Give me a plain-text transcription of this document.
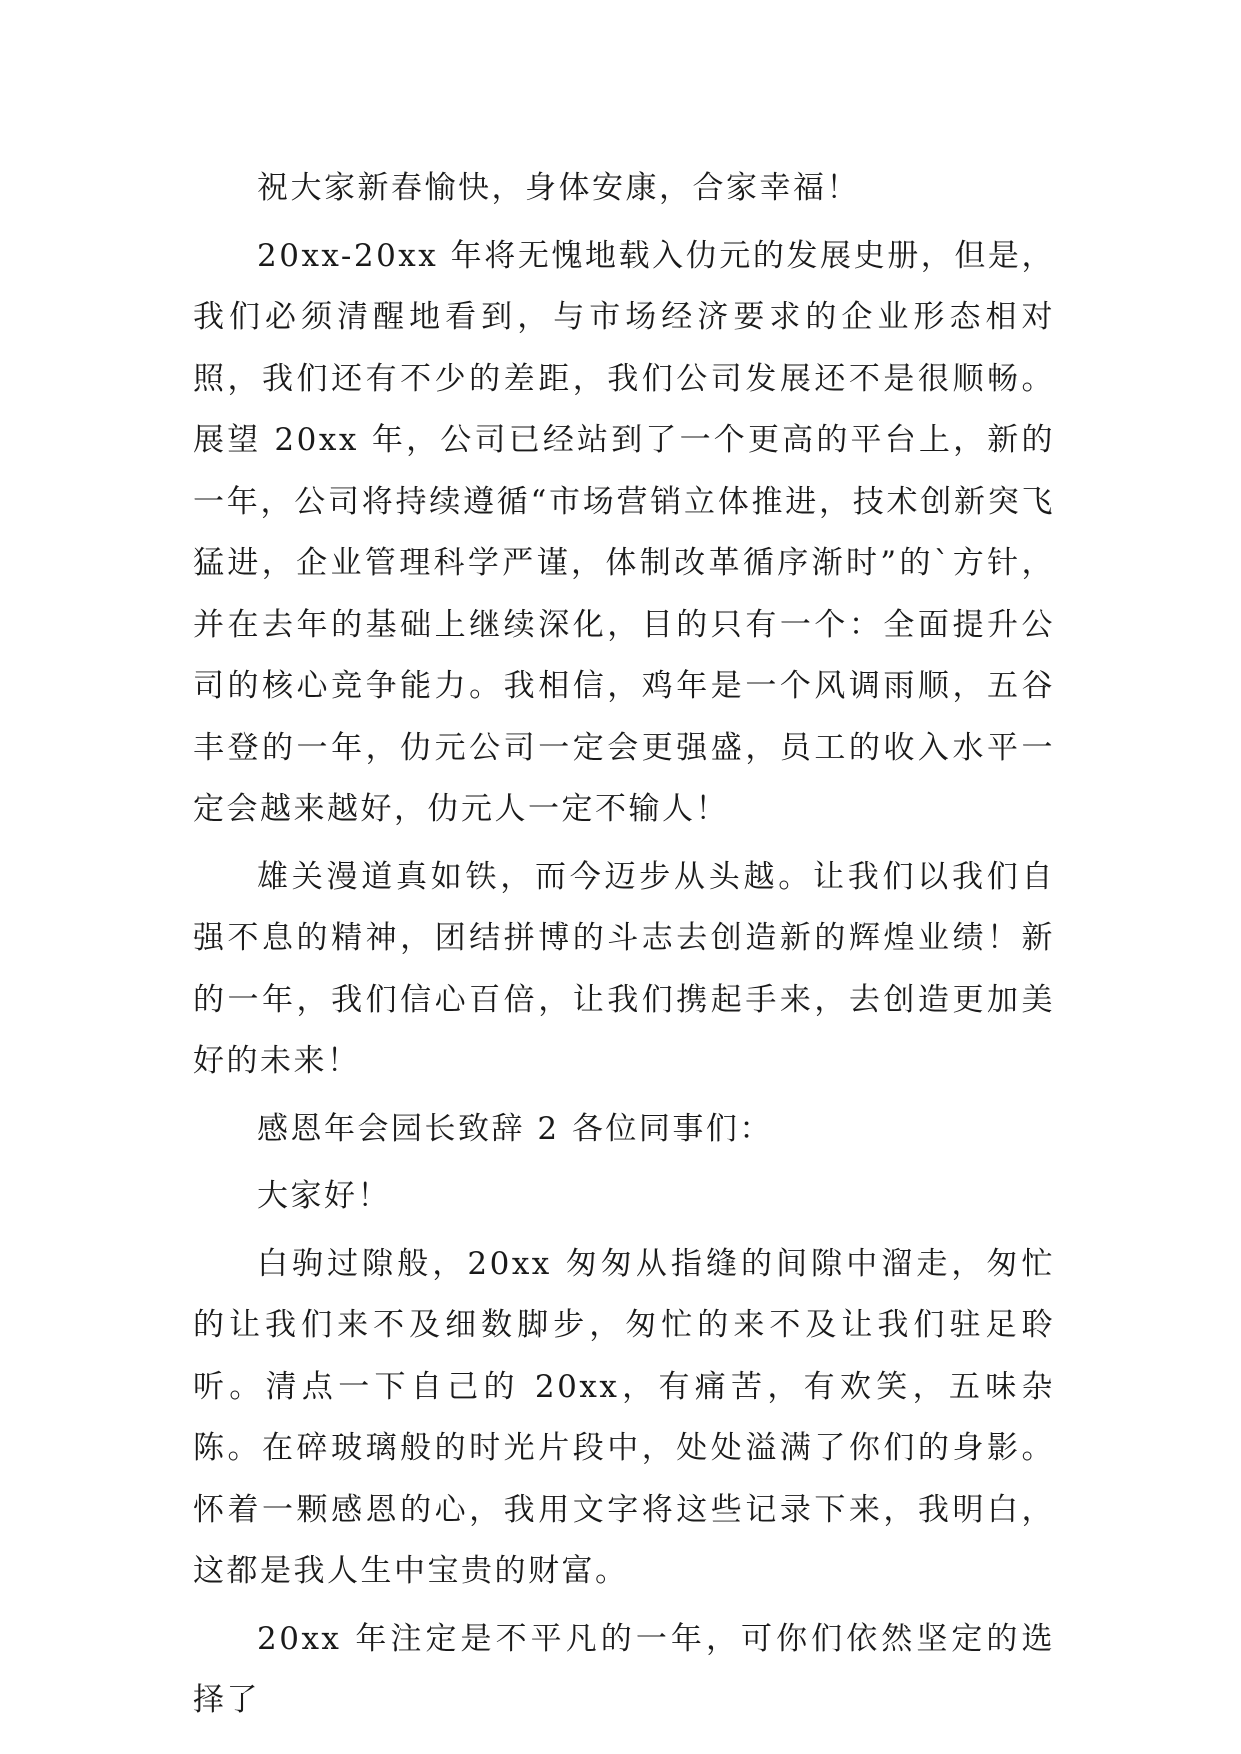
祝大家新春愉快，身体安康，合家幸福！

20xx-20xx 年将无愧地载入仂元的发展史册，但是，我们必须清醒地看到，与市场经济要求的企业形态相对照，我们还有不少的差距，我们公司发展还不是很顺畅。展望 20xx 年，公司已经站到了一个更高的平台上，新的一年，公司将持续遵循“市场营销立体推进，技术创新突飞猛进，企业管理科学严谨，体制改革循序渐时”的`方针，并在去年的基础上继续深化，目的只有一个：全面提升公司的核心竞争能力。我相信，鸡年是一个风调雨顺，五谷丰登的一年，仂元公司一定会更强盛，员工的收入水平一定会越来越好，仂元人一定不输人！

雄关漫道真如铁，而今迈步从头越。让我们以我们自强不息的精神，团结拼博的斗志去创造新的辉煌业绩！新的一年，我们信心百倍，让我们携起手来，去创造更加美好的未来！

感恩年会园长致辞 2 各位同事们：

大家好！

白驹过隙般，20xx 匆匆从指缝的间隙中溜走，匆忙的让我们来不及细数脚步，匆忙的来不及让我们驻足聆听。清点一下自己的 20xx，有痛苦，有欢笑，五味杂陈。在碎玻璃般的时光片段中，处处溢满了你们的身影。怀着一颗感恩的心，我用文字将这些记录下来，我明白，这都是我人生中宝贵的财富。

20xx 年注定是不平凡的一年，可你们依然坚定的选择了
